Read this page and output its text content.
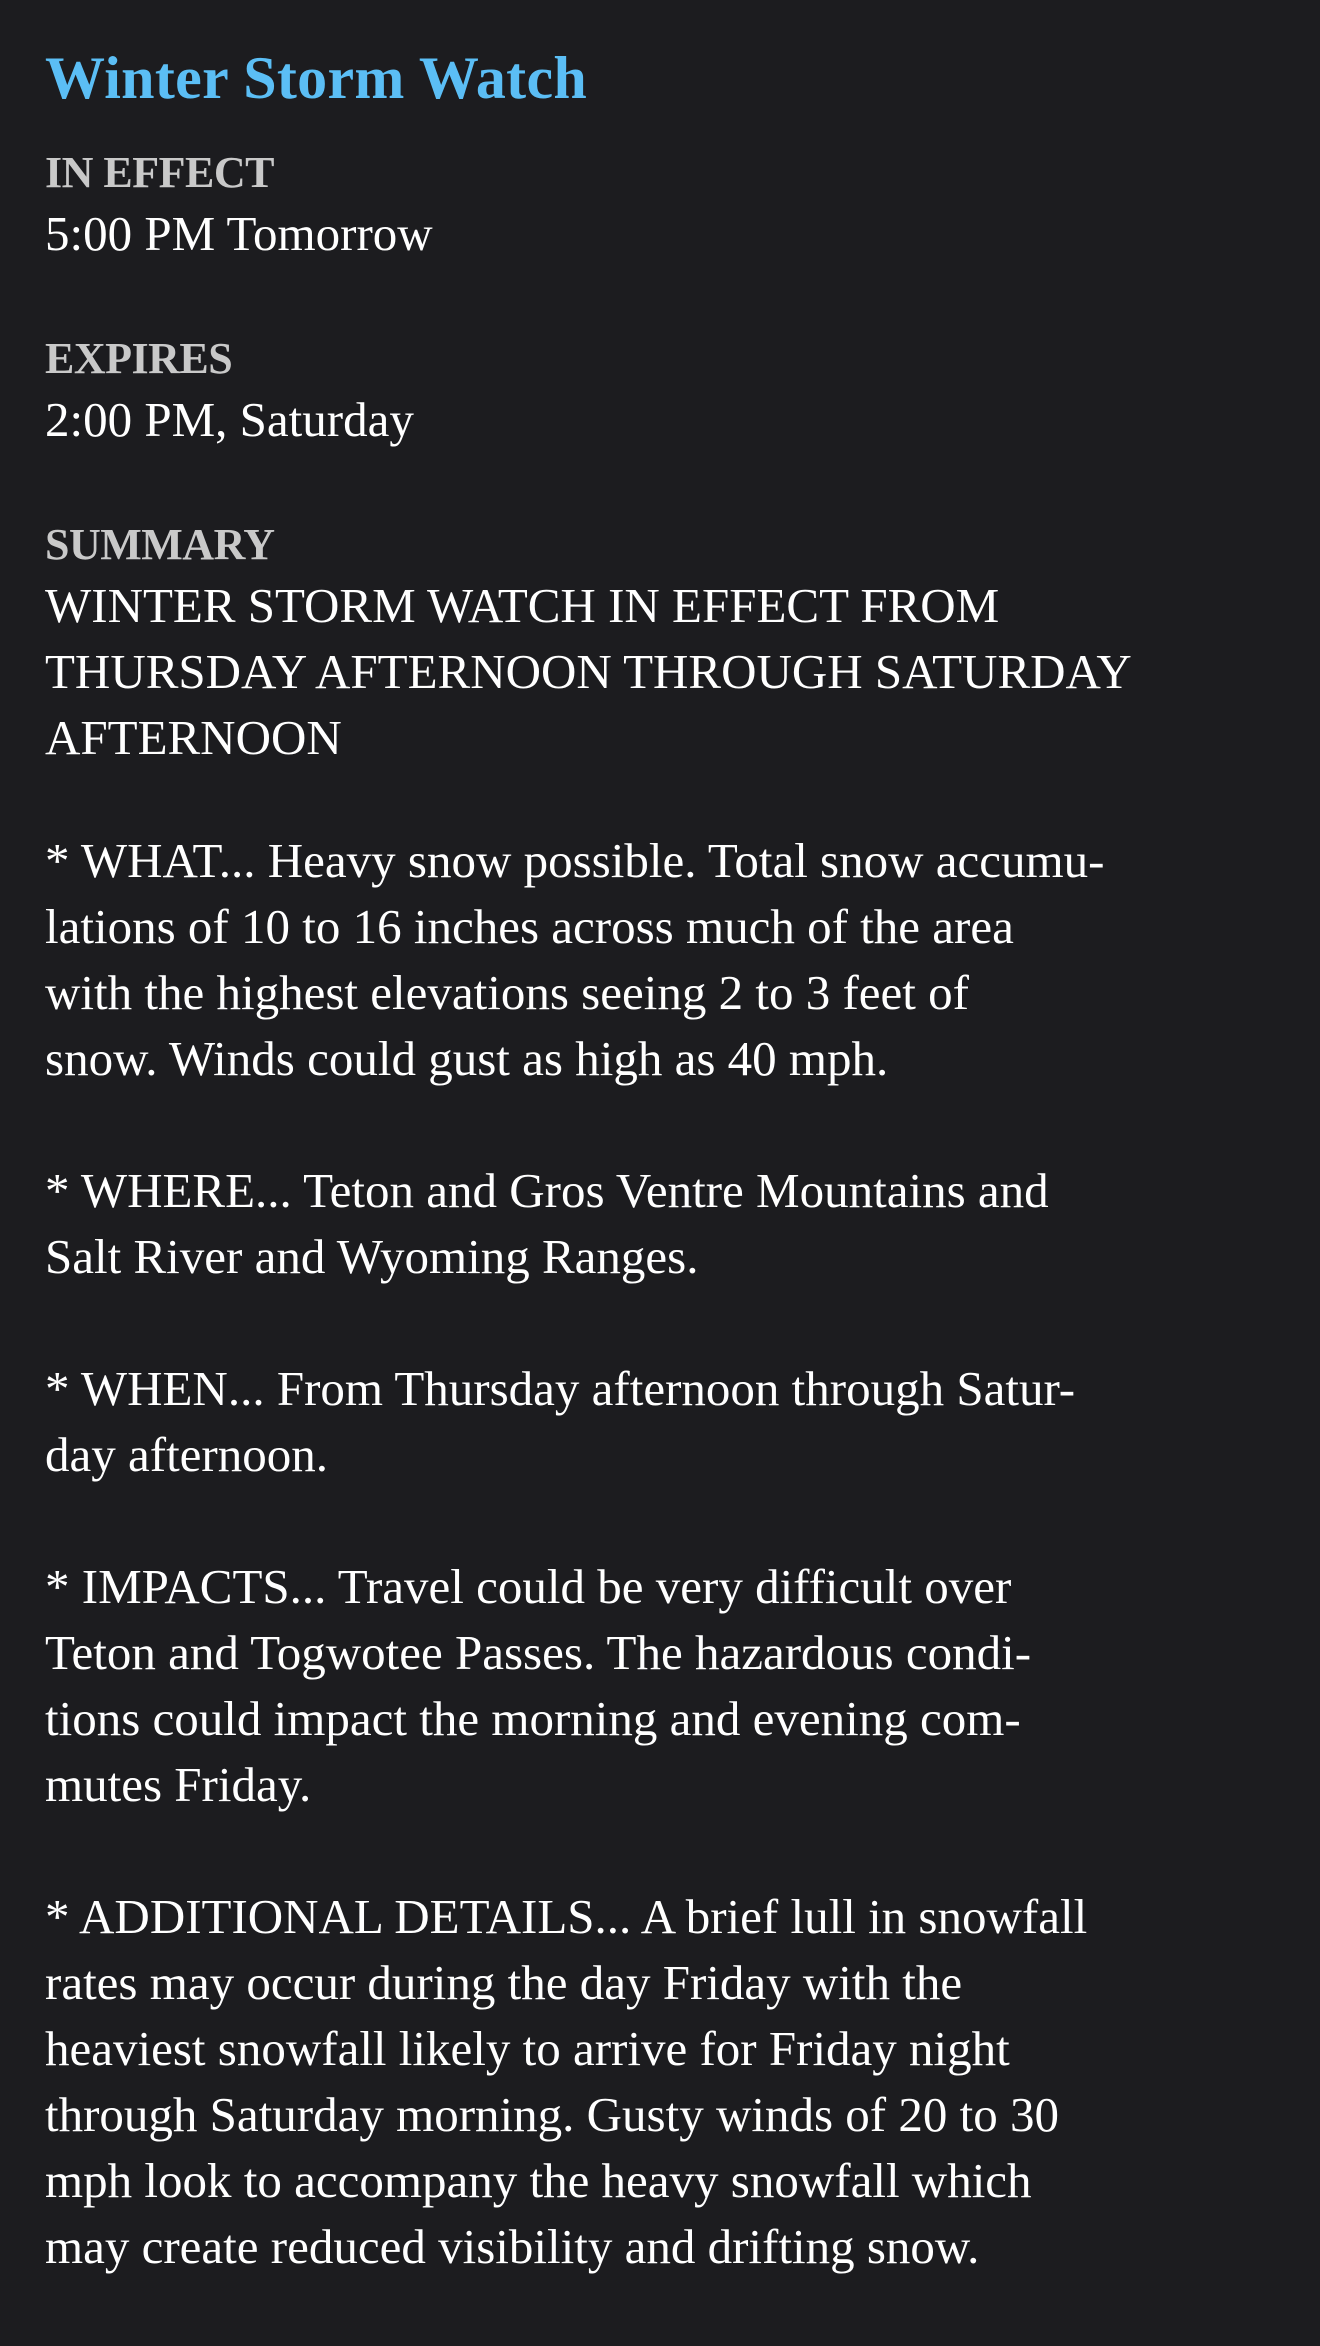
Winter Storm Watch
IN EFFECT
5:00 PM Tomorrow
EXPIRES
2:00 PM, Saturday
SUMMARY
WINTER STORM WATCH IN EFFECT FROM
THURSDAY AFTERNOON THROUGH SATURDAY
AFTERNOON
* WHAT... Heavy snow possible. Total snow accumu-
lations of 10 to 16 inches across much of the area
with the highest elevations seeing 2 to 3 feet of
snow. Winds could gust as high as 40 mph.
* WHERE... Teton and Gros Ventre Mountains and
Salt River and Wyoming Ranges.
* WHEN... From Thursday afternoon through Satur-
day afternoon.
* IMPACTS... Travel could be very difficult over
Teton and Togwotee Passes. The hazardous condi-
tions could impact the morning and evening com-
mutes Friday.
* ADDITIONAL DETAILS... A brief lull in snowfall
rates may occur during the day Friday with the
heaviest snowfall likely to arrive for Friday night
through Saturday morning. Gusty winds of 20 to 30
mph look to accompany the heavy snowfall which
may create reduced visibility and drifting snow.
